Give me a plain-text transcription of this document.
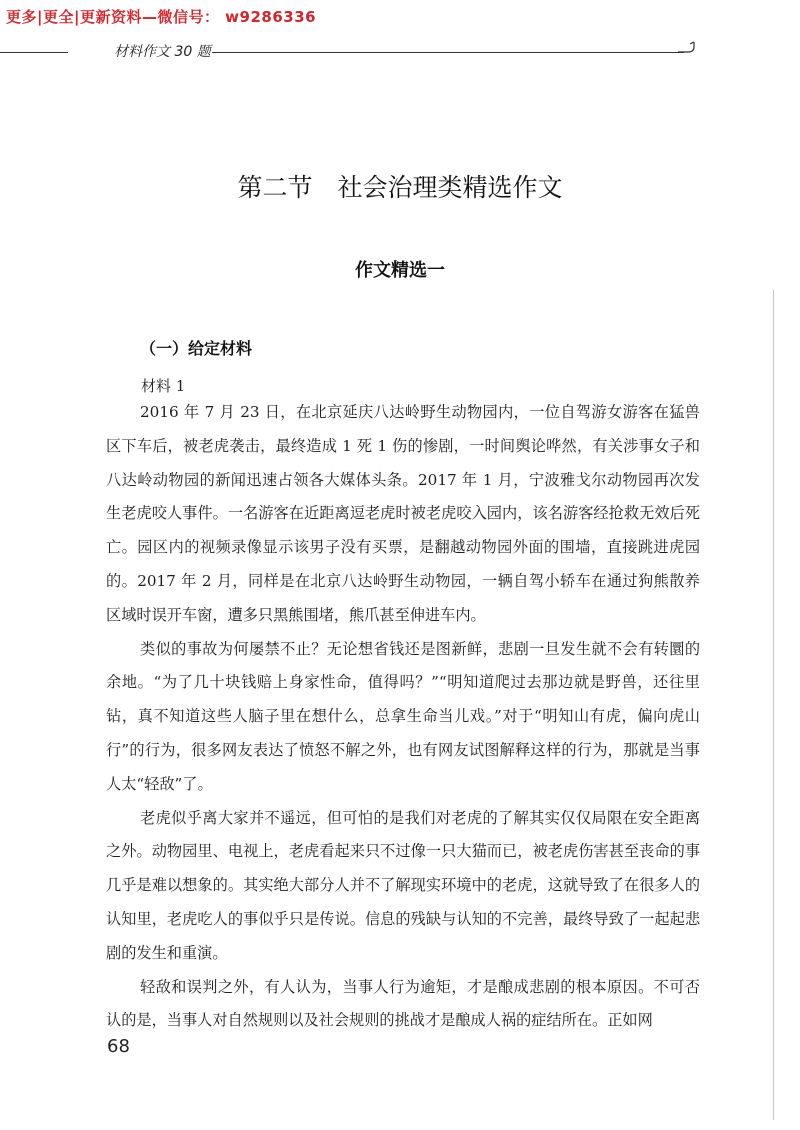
更多|更全|更新资料—微信号： w9286336
材料作文 30 题
第二节　社会治理类精选作文
作文精选一
（一）给定材料
材料 1

2016 年 7 月 23 日，在北京延庆八达岭野生动物园内，一位自驾游女游客在猛兽区下车后，被老虎袭击，最终造成 1 死 1 伤的惨剧，一时间舆论哗然，有关涉事女子和八达岭动物园的新闻迅速占领各大媒体头条。2017 年 1 月，宁波雅戈尔动物园再次发生老虎咬人事件。一名游客在近距离逗老虎时被老虎咬入园内，该名游客经抢救无效后死亡。园区内的视频录像显示该男子没有买票，是翻越动物园外面的围墙，直接跳进虎园的。2017 年 2 月，同样是在北京八达岭野生动物园，一辆自驾小轿车在通过狗熊散养区域时误开车窗，遭多只黑熊围堵，熊爪甚至伸进车内。

类似的事故为何屡禁不止？无论想省钱还是图新鲜，悲剧一旦发生就不会有转圜的余地。“为了几十块钱赔上身家性命，值得吗？”“明知道爬过去那边就是野兽，还往里钻，真不知道这些人脑子里在想什么，总拿生命当儿戏。”对于“明知山有虎，偏向虎山行”的行为，很多网友表达了愤怒不解之外，也有网友试图解释这样的行为，那就是当事人太“轻敌”了。

老虎似乎离大家并不遥远，但可怕的是我们对老虎的了解其实仅仅局限在安全距离之外。动物园里、电视上，老虎看起来只不过像一只大猫而已，被老虎伤害甚至丧命的事几乎是难以想象的。其实绝大部分人并不了解现实环境中的老虎，这就导致了在很多人的认知里，老虎吃人的事似乎只是传说。信息的残缺与认知的不完善，最终导致了一起起悲剧的发生和重演。

轻敌和误判之外，有人认为，当事人行为逾矩，才是酿成悲剧的根本原因。不可否认的是，当事人对自然规则以及社会规则的挑战才是酿成人祸的症结所在。正如网

68
